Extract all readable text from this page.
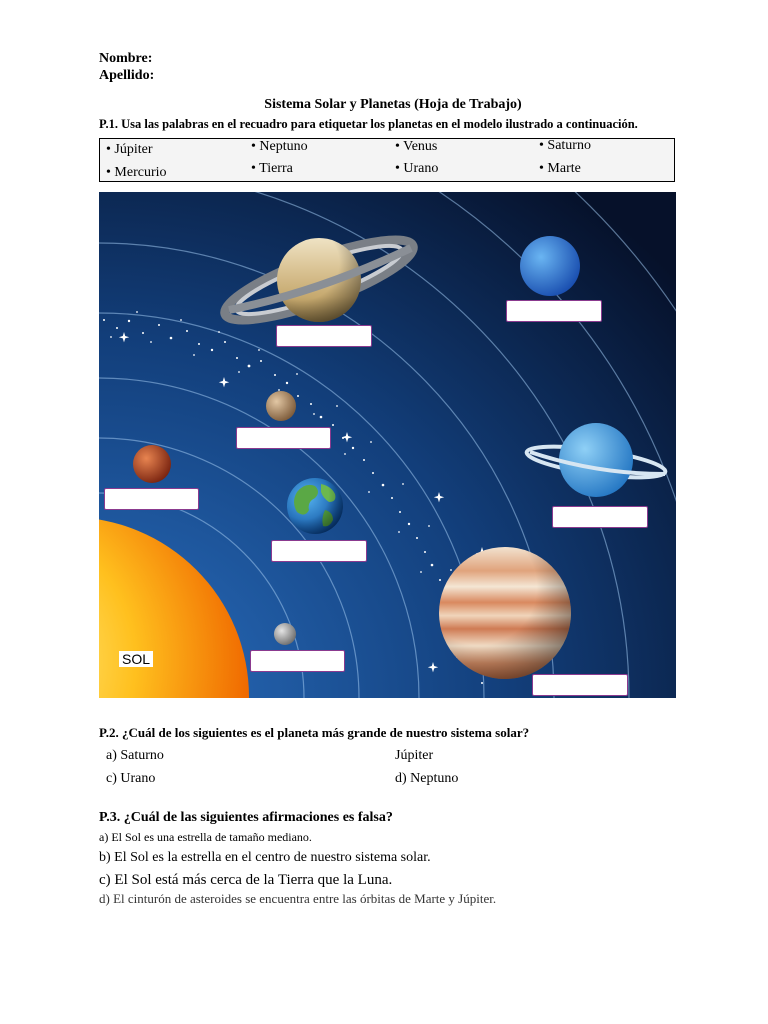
Nombre:
Apellido:
Sistema Solar y Planetas (Hoja de Trabajo)
P.1. Usa las palabras en el recuadro para etiquetar los planetas en el modelo ilustrado a continuación.
• Júpiter	• Neptuno	• Venus	• Saturno
• Mercurio	• Tierra	• Urano	• Marte
SOL
P.2. ¿Cuál de los siguientes es el planeta más grande de nuestro sistema solar?
a) Saturno	Júpiter
c) Urano	d) Neptuno
P.3. ¿Cuál de las siguientes afirmaciones es falsa?
a) El Sol es una estrella de tamaño mediano.
b) El Sol es la estrella en el centro de nuestro sistema solar.
c) El Sol está más cerca de la Tierra que la Luna.
d) El cinturón de asteroides se encuentra entre las órbitas de Marte y Júpiter.
